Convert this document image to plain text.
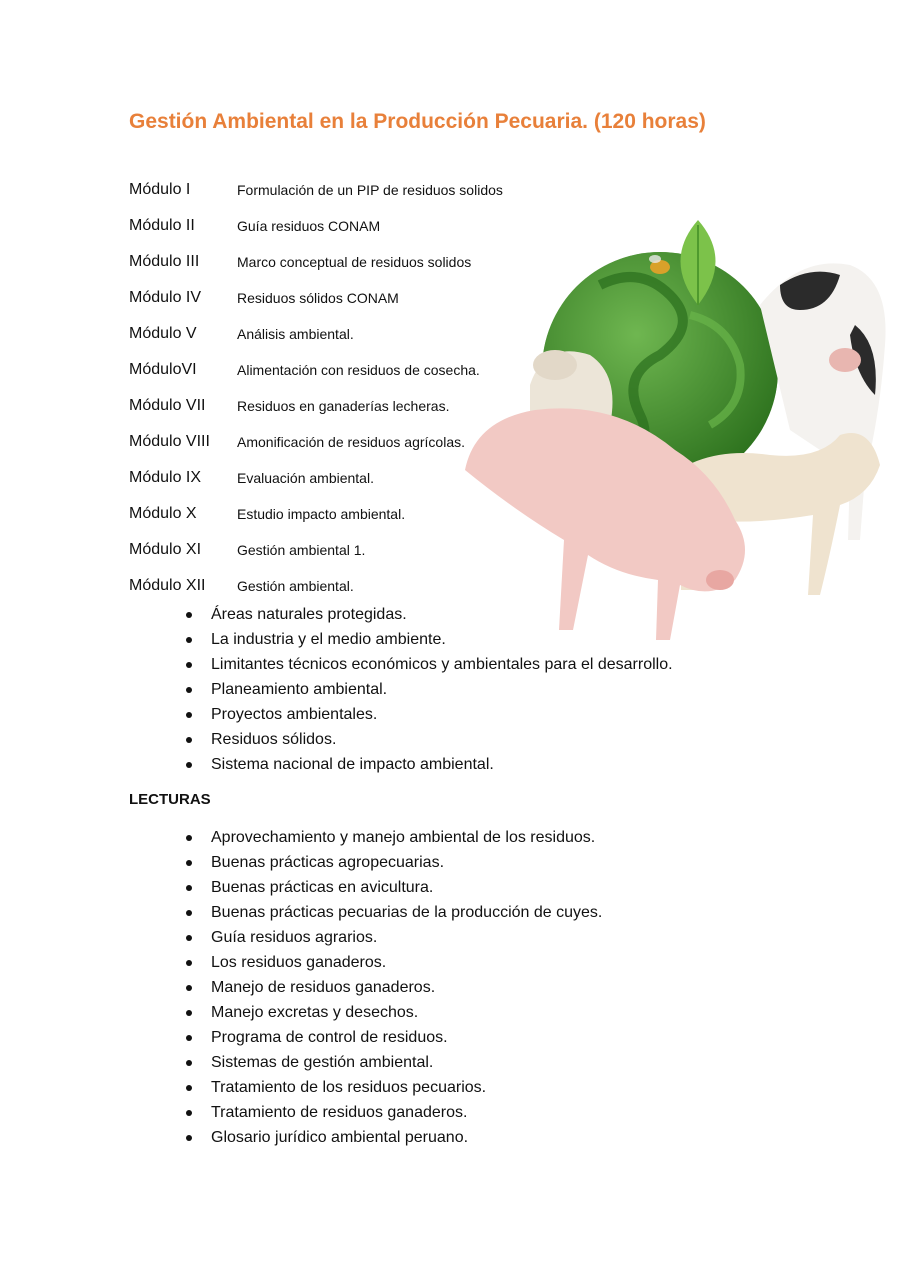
Gestión Ambiental en la Producción Pecuaria. (120 horas)
Módulo I	Formulación de un PIP de residuos solidos
Módulo II	Guía residuos CONAM
Módulo III	Marco conceptual de residuos solidos
Módulo IV	Residuos sólidos CONAM
Módulo V	Análisis ambiental.
MóduloVI	Alimentación con residuos de cosecha.
Módulo VII	Residuos en ganaderías lecheras.
Módulo VIII	Amonificación de residuos agrícolas.
Módulo IX	Evaluación ambiental.
Módulo X	Estudio impacto ambiental.
Módulo XI	Gestión ambiental 1.
Módulo XII	Gestión ambiental.
Áreas naturales protegidas.
La industria y el medio ambiente.
Limitantes técnicos económicos y ambientales para el desarrollo.
Planeamiento ambiental.
Proyectos ambientales.
Residuos sólidos.
Sistema nacional de impacto ambiental.
LECTURAS
Aprovechamiento y manejo ambiental de los residuos.
Buenas prácticas agropecuarias.
Buenas prácticas en avicultura.
Buenas prácticas pecuarias de la producción de cuyes.
Guía residuos agrarios.
Los residuos ganaderos.
Manejo de residuos ganaderos.
Manejo excretas y desechos.
Programa de control de residuos.
Sistemas de gestión ambiental.
Tratamiento de los residuos pecuarios.
Tratamiento de residuos ganaderos.
Glosario jurídico ambiental peruano.
